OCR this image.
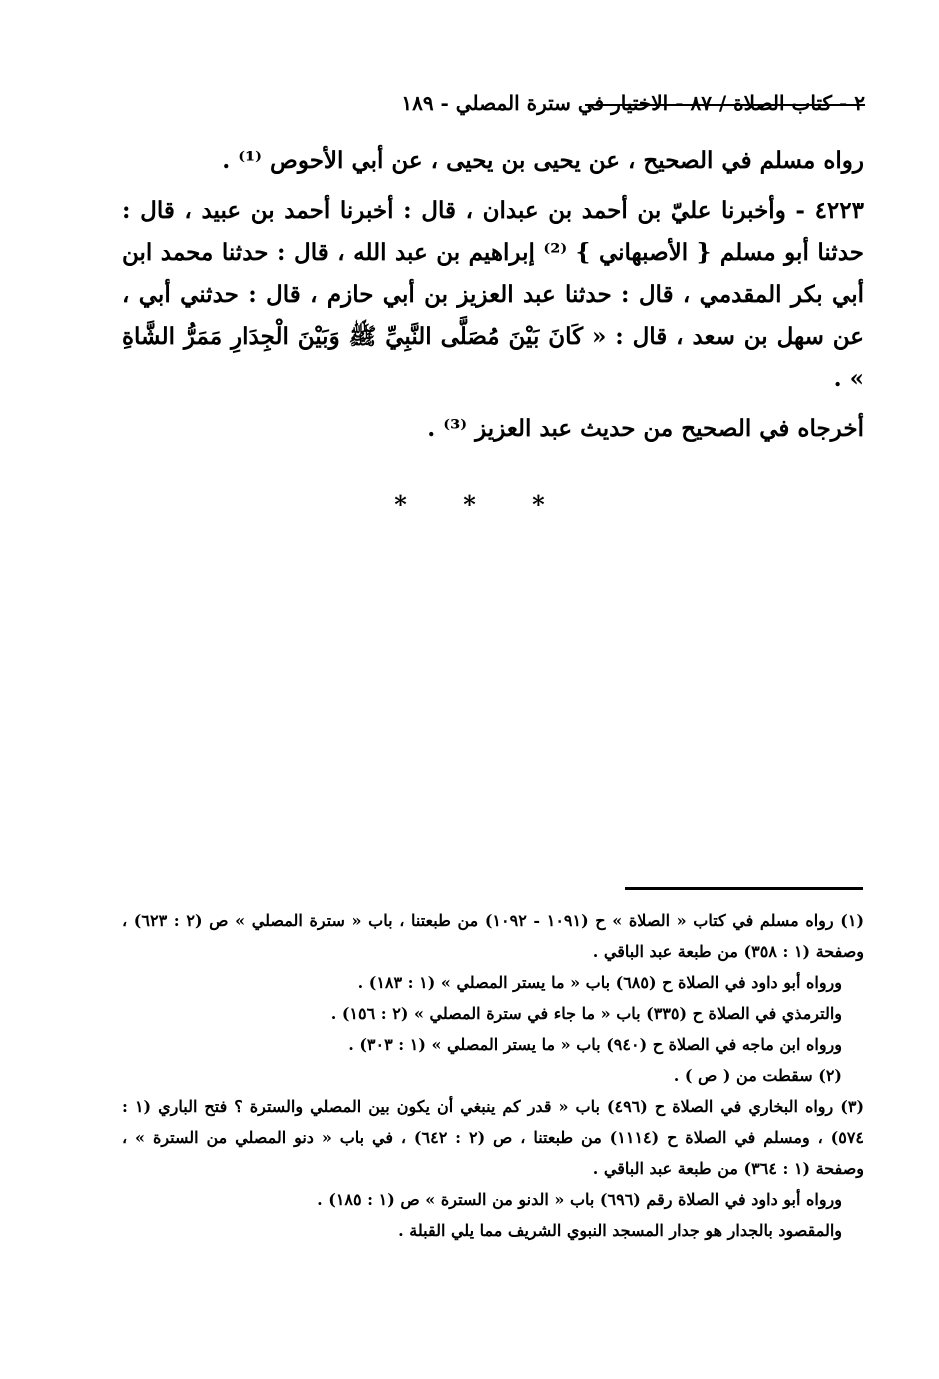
٢ - كتاب الصلاة / ٨٧ - الاختيار في سترة المصلي - ١٨٩

رواه مسلم في الصحيح ، عن يحيى بن يحيى ، عن أبي الأحوص ⁽¹⁾ .

٤٢٢٣ - وأخبرنا عليّ بن أحمد بن عبدان ، قال : أخبرنا أحمد بن عبيد ، قال : حدثنا أبو مسلم { الأصبهاني } ⁽²⁾ إبراهيم بن عبد الله ، قال : حدثنا محمد ابن أبي بكر المقدمي ، قال : حدثنا عبد العزيز بن أبي حازم ، قال : حدثني أبي ، عن سهل بن سعد ، قال : « كَانَ بَيْنَ مُصَلَّى النَّبِيِّ ﷺ وَبَيْنَ الْجِدَارِ مَمَرُّ الشَّاةِ » .

أخرجاه في الصحيح من حديث عبد العزيز ⁽³⁾ .

* * *

(١) رواه مسلم في كتاب « الصلاة » ح (١٠٩١ - ١٠٩٢) من طبعتنا ، باب « سترة المصلي » ص (٢ : ٦٢٣) ، وصفحة (١ : ٣٥٨) من طبعة عبد الباقي .

ورواه أبو داود في الصلاة ح (٦٨٥) باب « ما يستر المصلي » (١ : ١٨٣) .

والترمذي في الصلاة ح (٣٣٥) باب « ما جاء في سترة المصلي » (٢ : ١٥٦) .

ورواه ابن ماجه في الصلاة ح (٩٤٠) باب « ما يستر المصلي » (١ : ٣٠٣) .

(٢) سقطت من ( ص ) .

(٣) رواه البخاري في الصلاة ح (٤٩٦) باب « قدر كم ينبغي أن يكون بين المصلي والسترة ؟ فتح الباري (١ : ٥٧٤) ، ومسلم في الصلاة ح (١١١٤) من طبعتنا ، ص (٢ : ٦٤٢) ، في باب « دنو المصلي من السترة » ، وصفحة (١ : ٣٦٤) من طبعة عبد الباقي .

ورواه أبو داود في الصلاة رقم (٦٩٦) باب « الدنو من السترة » ص (١ : ١٨٥) .

والمقصود بالجدار هو جدار المسجد النبوي الشريف مما يلي القبلة .
